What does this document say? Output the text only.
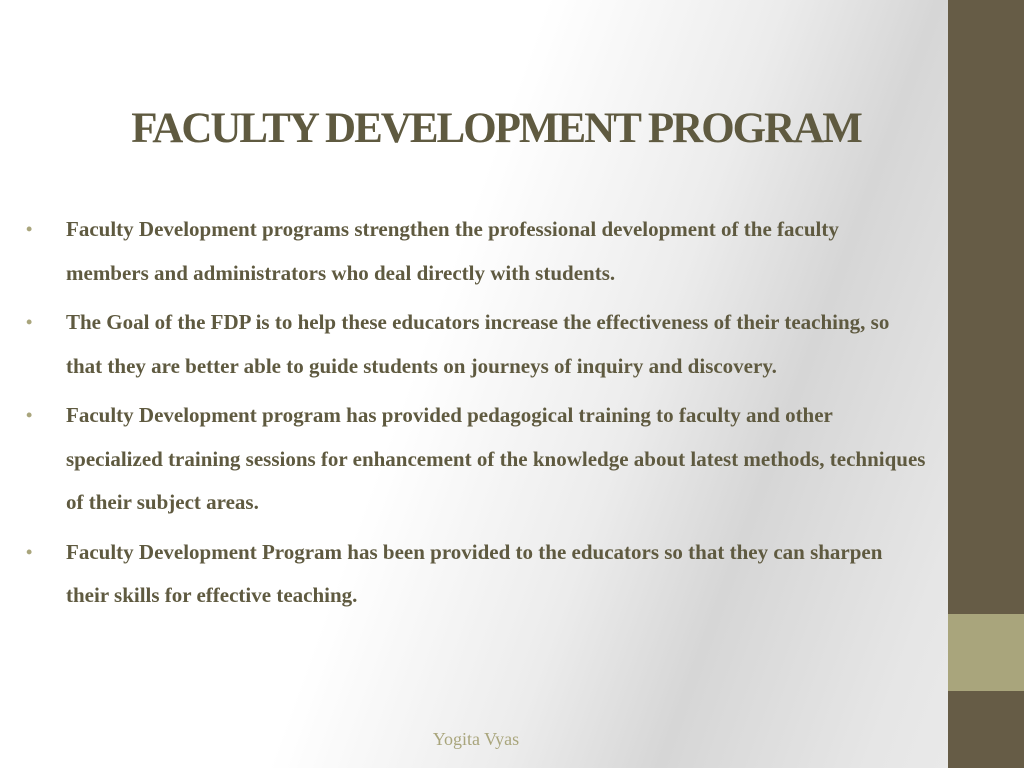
FACULTY DEVELOPMENT PROGRAM
•	Faculty Development programs strengthen the professional development of the faculty members and administrators who deal directly with students.
•	The Goal of the FDP is to help these educators increase the effectiveness of their teaching, so that they are better able to guide students on journeys of inquiry and discovery.
•	Faculty Development program has provided pedagogical training to faculty and other specialized training sessions for enhancement of the knowledge about latest methods, techniques of their subject areas.
•	Faculty Development Program has been provided to the educators so that they can sharpen their skills for effective teaching.
Yogita Vyas
